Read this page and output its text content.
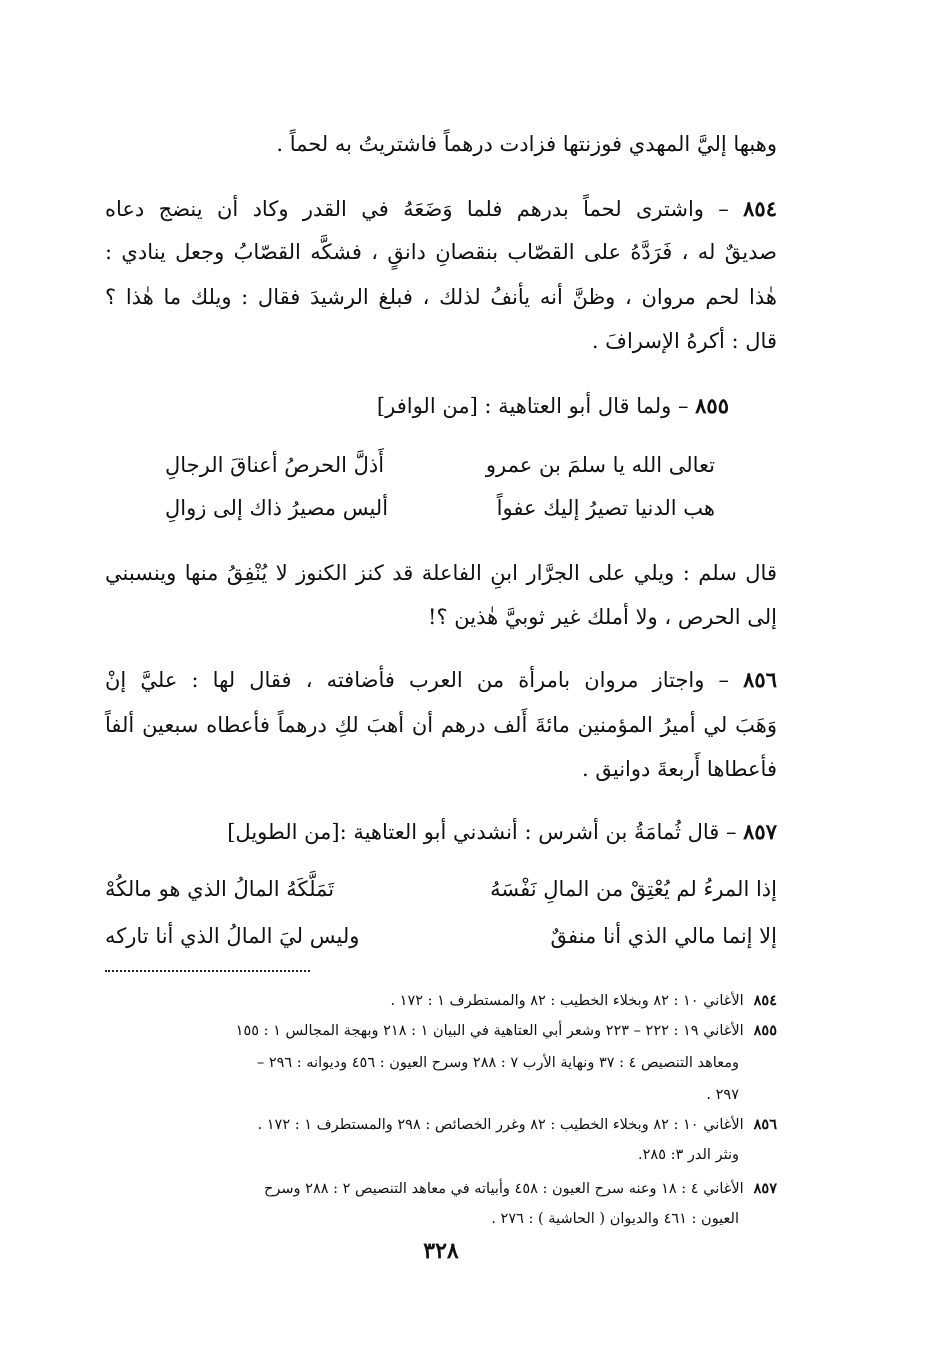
وهبها إليَّ المهدي فوزنتها فزادت درهماً فاشتريتُ به لحماً .
٨٥٤ – واشترى لحماً بدرهم فلما وَضَعَهُ في القدر وكاد أن ينضج دعاه
صديقٌ له ، فَرَدَّهُ على القصّاب بنقصانِ دانقٍ ، فشكَّه القصّابُ وجعل ينادي :
هٰذا لحم مروان ، وظنَّ أنه يأنفُ لذلك ، فبلغ الرشيدَ فقال : ويلك ما هٰذا ؟
قال : أكرهُ الإسرافَ .
٨٥٥ – ولما قال أبو العتاهية : [من الوافر]
تعالى الله يا سلمَ بن عمرو
أَذلَّ الحرصُ أعناقَ الرجالِ
هب الدنيا تصيرُ إليك عفواً
أليس مصيرُ ذاك إلى زوالِ
قال سلم : ويلي على الجرَّار ابنِ الفاعلة قد كنز الكنوز لا يُنْفِقُ منها وينسبني
إلى الحرص ، ولا أملك غير ثوبيَّ هٰذين ؟!
٨٥٦ – واجتاز مروان بامرأة من العرب فأضافته ، فقال لها : عليَّ إنْ
وَهَبَ لي أميرُ المؤمنين مائةَ أَلف درهم أن أهبَ لكِ درهماً فأعطاه سبعين ألفاً
فأعطاها أَربعةَ دوانيق .
٨٥٧ – قال ثُمامَةُ بن أشرس : أنشدني أبو العتاهية :[من الطويل]
إذا المرءُ لم يُعْتِقْ من المالِ نَفْسَهُ
تَمَلَّكَهُ المالُ الذي هو مالكُهْ
إلا إنما مالي الذي أنا منفقٌ
وليس ليَ المالُ الذي أنا تاركه
٨٥٤الأغاني ١٠ : ٨٢ وبخلاء الخطيب : ٨٢ والمستطرف ١ : ١٧٢ .
٨٥٥الأغاني ١٩ : ٢٢٢ – ٢٢٣ وشعر أبي العتاهية في البيان ١ : ٢١٨ وبهجة المجالس ١ : ١٥٥
ومعاهد التنصيص ٤ : ٣٧ ونهاية الأرب ٧ : ٢٨٨ وسرح العيون : ٤٥٦ وديوانه : ٢٩٦ –
٢٩٧ .
٨٥٦الأغاني ١٠ : ٨٢ وبخلاء الخطيب : ٨٢ وغرر الخصائص : ٢٩٨ والمستطرف ١ : ١٧٢ .
ونثر الدر ٣: ٢٨٥.
٨٥٧الأغاني ٤ : ١٨ وعنه سرح العيون : ٤٥٨ وأبياته في معاهد التنصيص ٢ : ٢٨٨ وسرح
العيون : ٤٦١ والديوان ( الحاشية ) : ٢٧٦ .
٣٢٨
